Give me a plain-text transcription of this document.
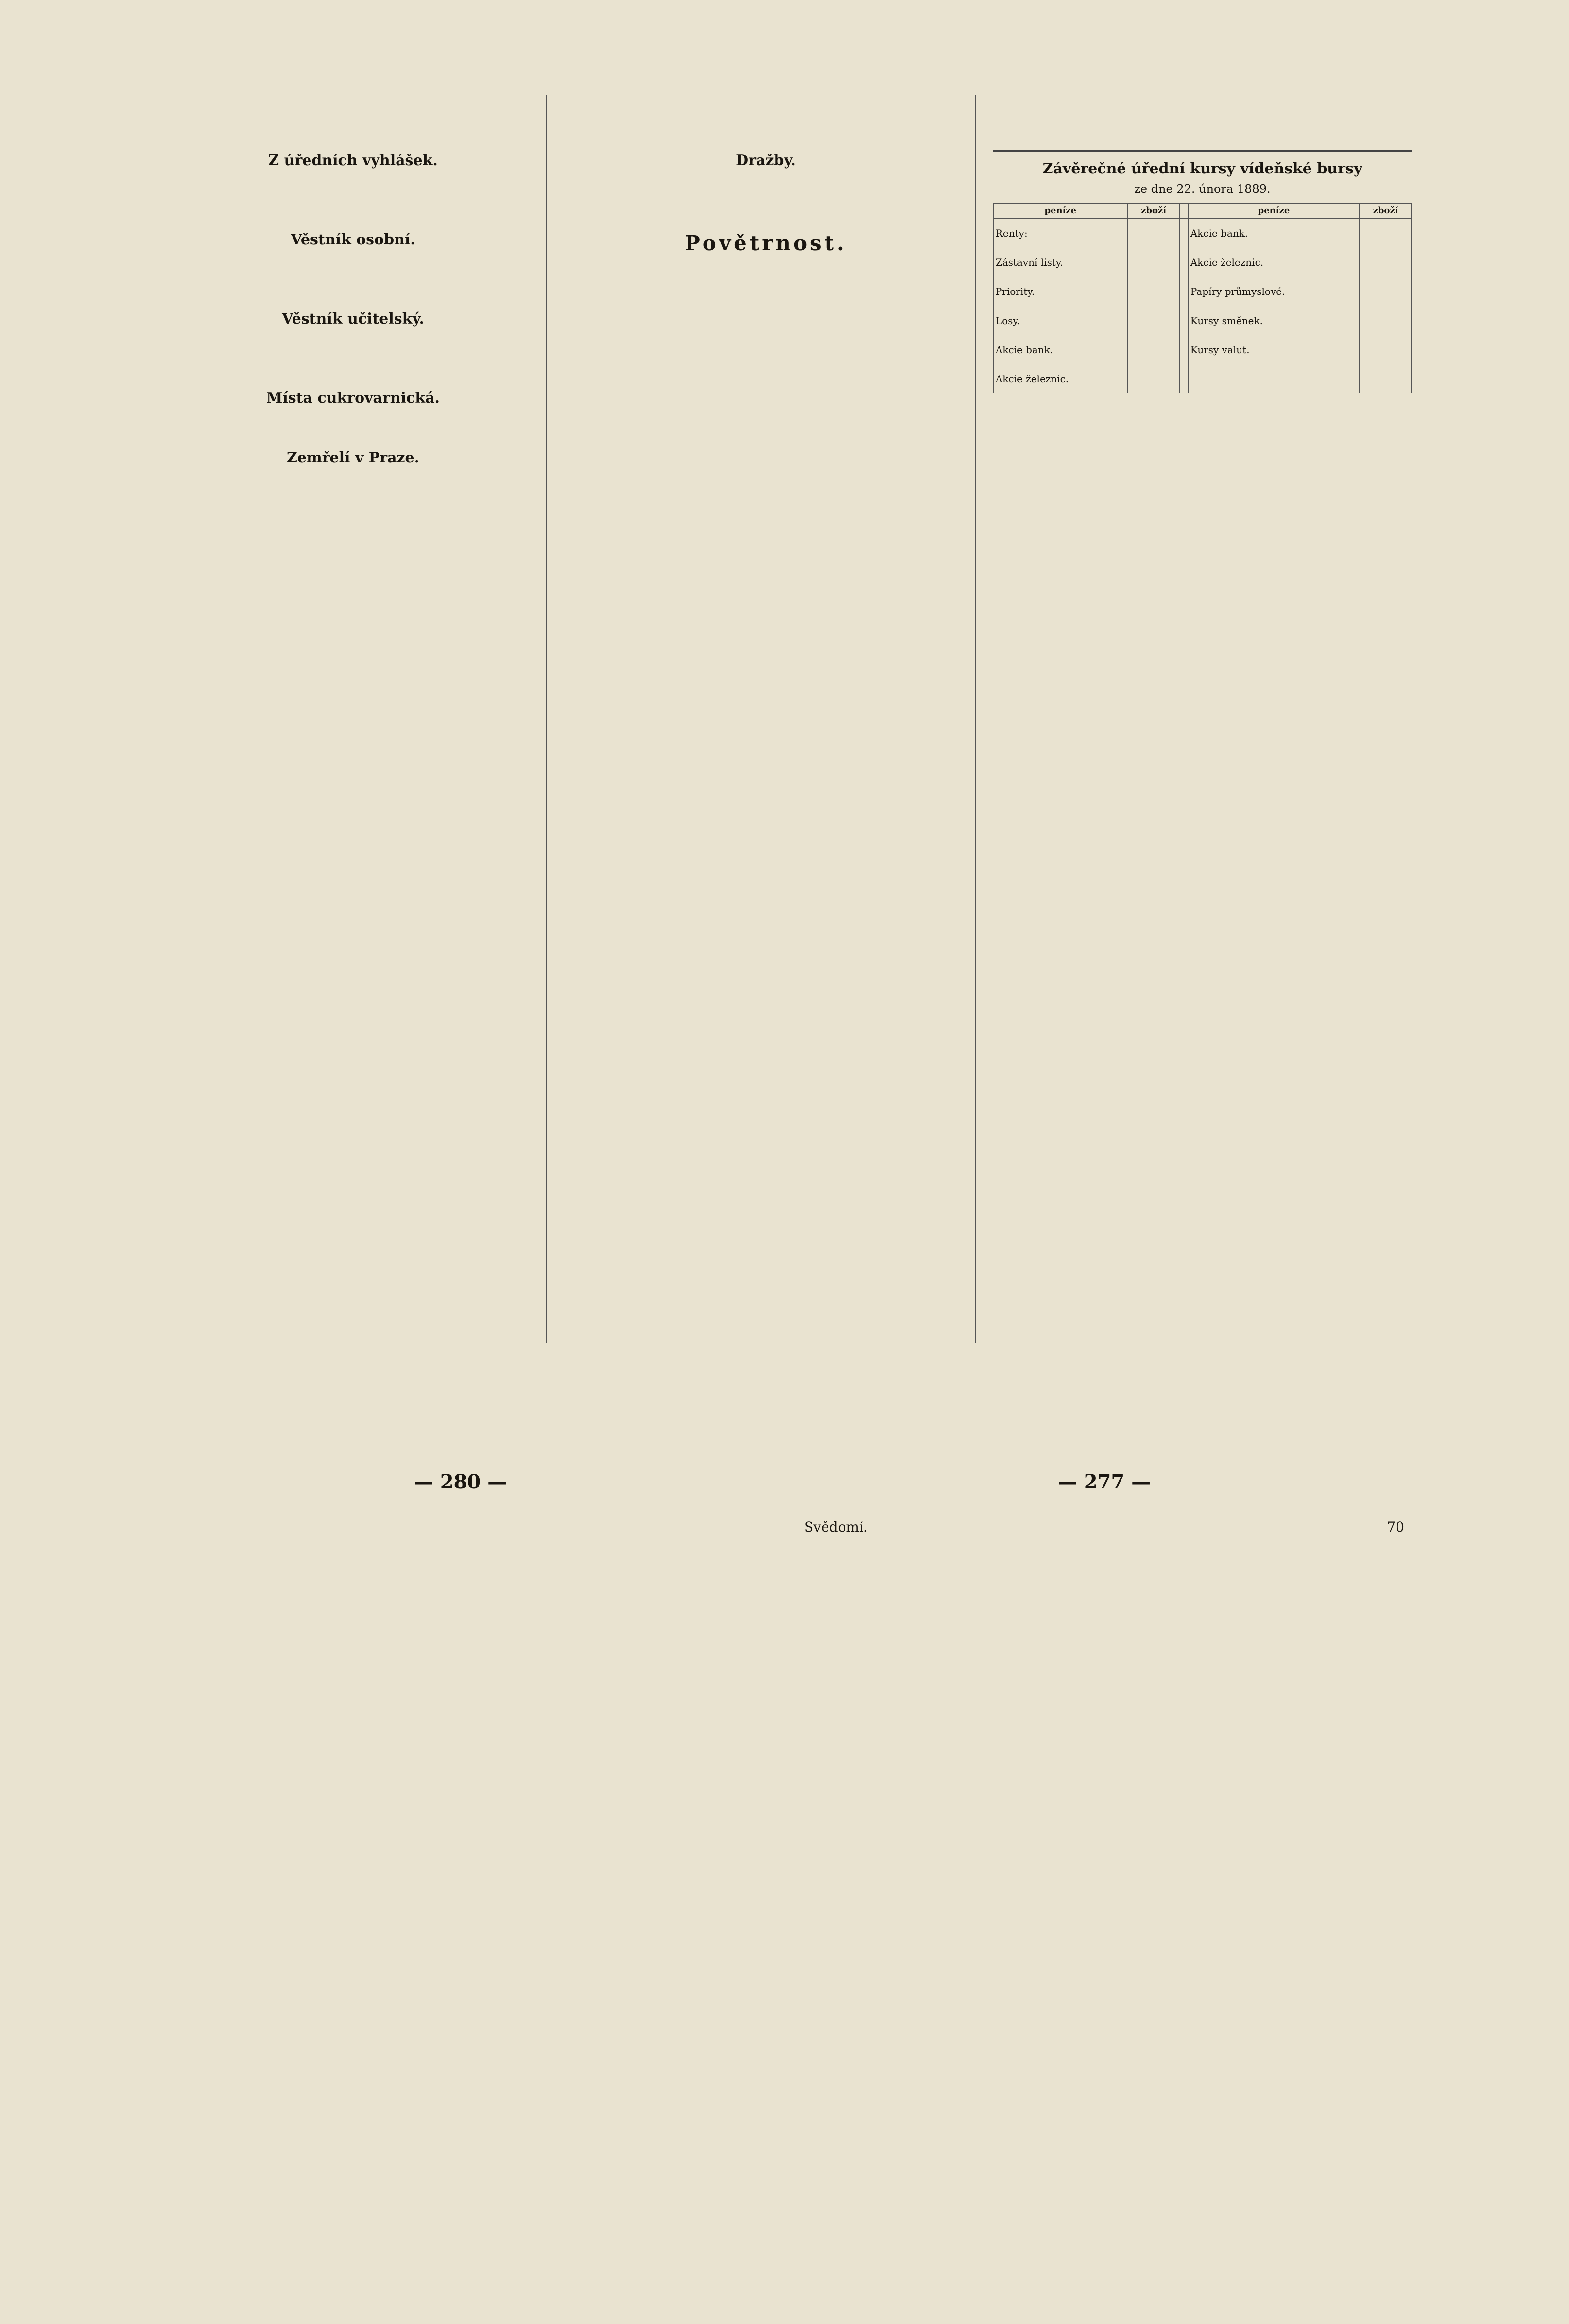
Z úředních vyhlášek.
Věstník osobní.
Věstník učitelský.
Místa cukrovarnická.
Zemřelí v Praze.
Dražby.
Povětrnost.
Závěrečné úřední kursy vídeňské bursy
ze dne 22. února 1889.
peníze	zboží		peníze	zboží
Renty:			Akcie bank.	
Zástavní listy.			Akcie železnic.	
Priority.			Papíry průmyslové.	
Losy.			Kursy směnek.	
Akcie bank.			Kursy valut.	
Akcie železnic.				
— 280 —	— 277 —
Svědomí.	70
